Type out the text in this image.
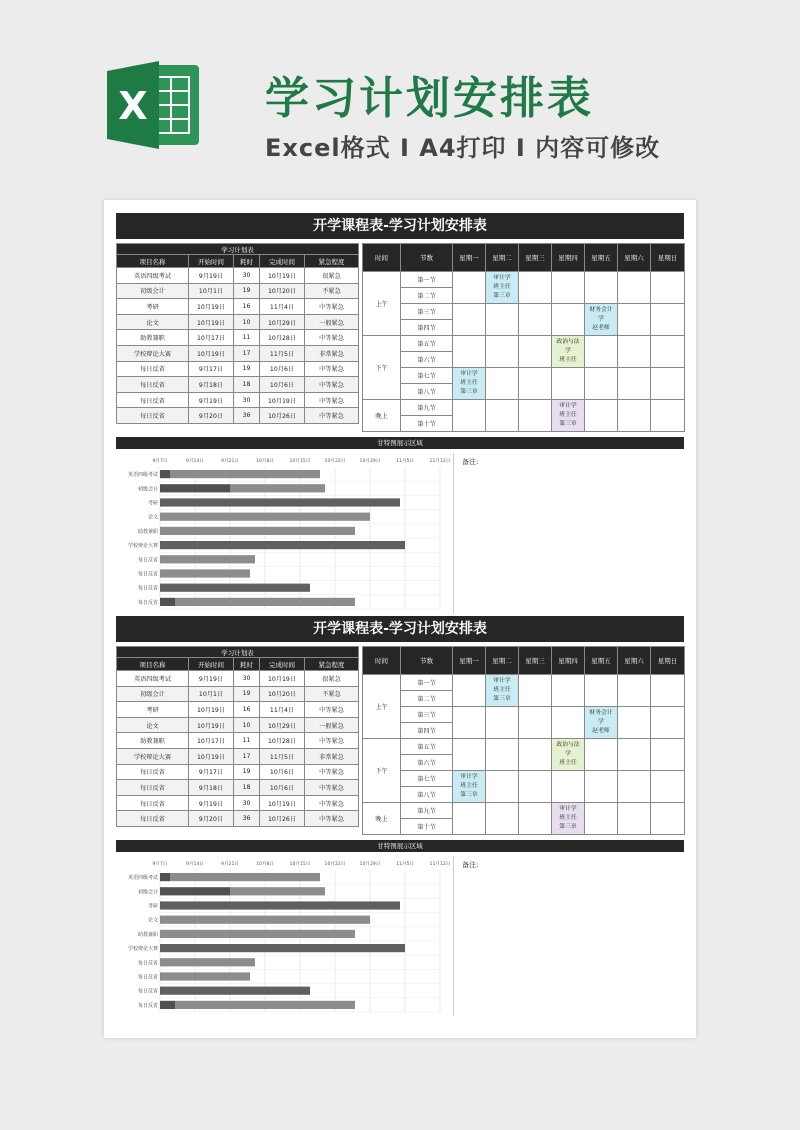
X	学习计划安排表
Excel格式 I A4打印 I 内容可修改
开学课程表-学习计划安排表
学习计划表				
项目名称	开始时间	耗时	完成时间	紧急程度
英语四级考试	9月19日	30	10月19日	很紧急
初级会计	10月1日	19	10月20日	不紧急
考研	10月19日	16	11月4日	中等紧急
论文	10月19日	10	10月29日	一般紧急
助教兼职	10月17日	11	10月28日	中等紧急
学校辩论大赛	10月19日	17	11月5日	非常紧急
每日反省	9月17日	19	10月6日	中等紧急
每日反省	9月18日	18	10月6日	中等紧急
每日反省	9月19日	30	10月19日	中等紧急
每日反省	9月20日	36	10月26日	中等紧急
时间	节数	星期一	星期二	星期三	星期四	星期五	星期六	星期日
上午	第一节		审计学
班主任
第三章					

	第二节							
	第三节					财务会计
学
赵老师		

	第四节							
下午	第五节				政治与法
学
班主任			

	第六节							
	第七节	审计学
班主任
第三章						

	第八节							
晚上	第九节				审计学
班主任
第三章			

	第十节							
甘特图展示区域
9月7日	9月14日	9月21日	10月8日	10月15日	10月22日	10月29日	11月5日	11月12日
英语四级考试
初级会计
考研
论文
助教兼职
学校辩论大赛
每日反省
每日反省
每日反省
每日反省
备注:
开学课程表-学习计划安排表
学习计划表				
项目名称	开始时间	耗时	完成时间	紧急程度
英语四级考试	9月19日	30	10月19日	很紧急
初级会计	10月1日	19	10月20日	不紧急
考研	10月19日	16	11月4日	中等紧急
论文	10月19日	10	10月29日	一般紧急
助教兼职	10月17日	11	10月28日	中等紧急
学校辩论大赛	10月19日	17	11月5日	非常紧急
每日反省	9月17日	19	10月6日	中等紧急
每日反省	9月18日	18	10月6日	中等紧急
每日反省	9月19日	30	10月19日	中等紧急
每日反省	9月20日	36	10月26日	中等紧急
时间	节数	星期一	星期二	星期三	星期四	星期五	星期六	星期日
上午	第一节		审计学
班主任
第三章					

	第二节							
	第三节					财务会计
学
赵老师		

	第四节							
下午	第五节				政治与法
学
班主任			

	第六节							
	第七节	审计学
班主任
第三章						

	第八节							
晚上	第九节				审计学
班主任
第三章			

	第十节							
甘特图展示区域
9月7日	9月14日	9月21日	10月8日	10月15日	10月22日	10月29日	11月5日	11月12日
英语四级考试
初级会计
考研
论文
助教兼职
学校辩论大赛
每日反省
每日反省
每日反省
每日反省
备注:
